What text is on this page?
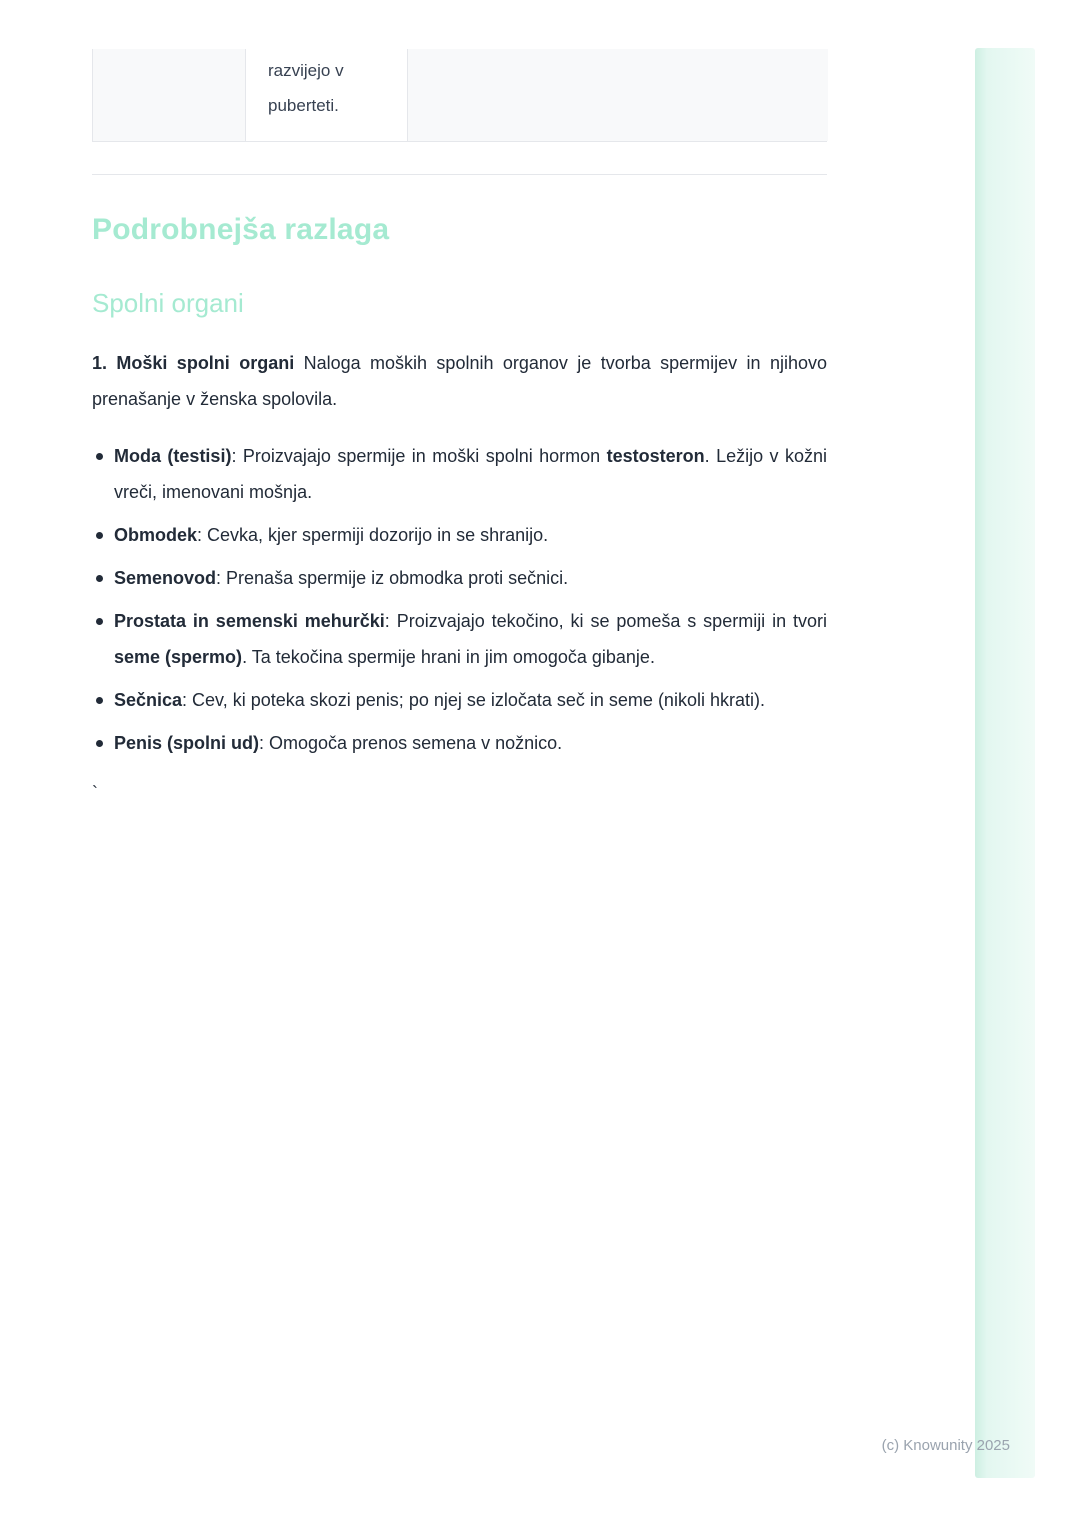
razvijejo v puberteti.
Podrobnejša razlaga
Spolni organi

1. Moški spolni organi Naloga moških spolnih organov je tvorba spermijev in njihovo prenašanje v ženska spolovila.

Moda (testisi): Proizvajajo spermije in moški spolni hormon testosteron. Ležijo v kožni vreči, imenovani mošnja.
Obmodek: Cevka, kjer spermiji dozorijo in se shranijo.
Semenovod: Prenaša spermije iz obmodka proti sečnici.
Prostata in semenski mehurčki: Proizvajajo tekočino, ki se pomeša s spermiji in tvori seme (spermo). Ta tekočina spermije hrani in jim omogoča gibanje.
Sečnica: Cev, ki poteka skozi penis; po njej se izločata seč in seme (nikoli hkrati).
Penis (spolni ud): Omogoča prenos semena v nožnico.

`

(c) Knowunity 2025
